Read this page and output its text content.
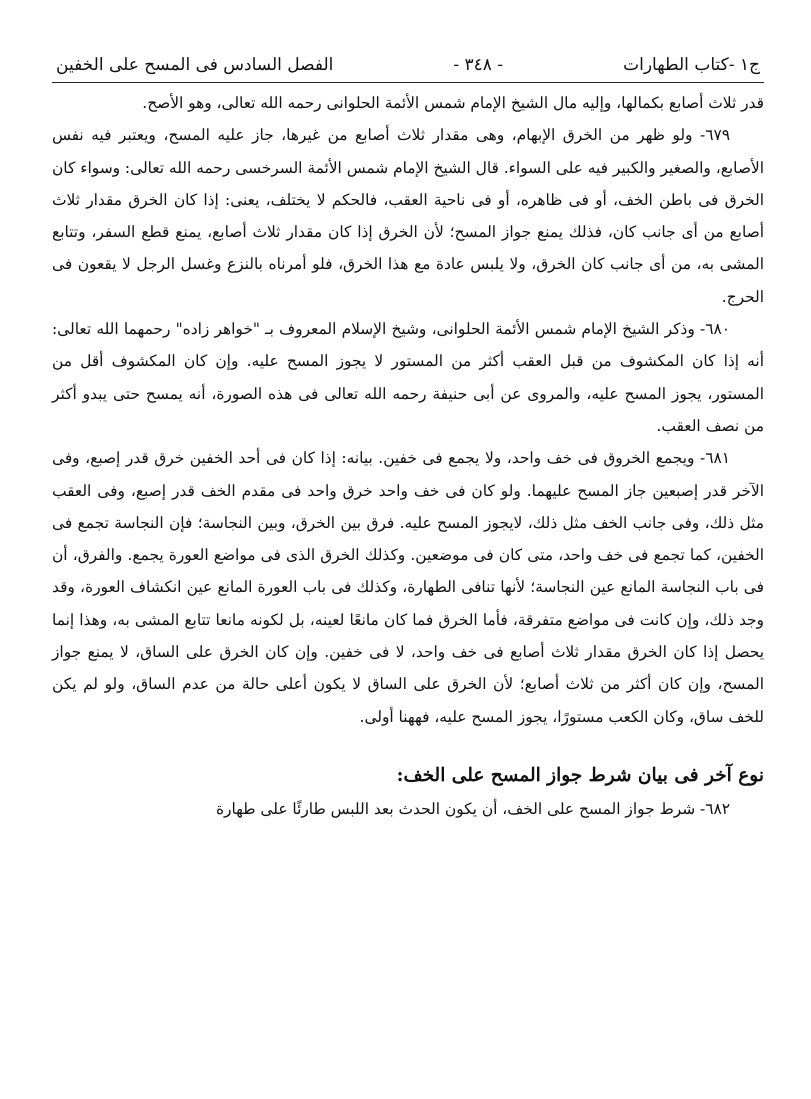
ج١ -كتاب الطهارات
- ٣٤٨ -
الفصل السادس فى المسح على الخفين

قدر ثلاث أصابع بكمالها، وإليه مال الشيخ الإمام شمس الأئمة الحلوانى رحمه الله تعالى، وهو الأصح.

٦٧٩- ولو ظهر من الخرق الإبهام، وهى مقدار ثلاث أصابع من غيرها، جاز عليه المسح، ويعتبر فيه نفس الأصابع، والصغير والكبير فيه على السواء. قال الشيخ الإمام شمس الأئمة السرخسى رحمه الله تعالى: وسواء كان الخرق فى باطن الخف، أو فى ظاهره، أو فى ناحية العقب، فالحكم لا يختلف، يعنى: إذا كان الخرق مقدار ثلاث أصابع من أى جانب كان، فذلك يمنع جواز المسح؛ لأن الخرق إذا كان مقدار ثلاث أصابع، يمنع قطع السفر، وتتابع المشى به، من أى جانب كان الخرق، ولا يلبس عادة مع هذا الخرق، فلو أمرناه بالنزع وغسل الرجل لا يقعون فى الحرج.

٦٨٠- وذكر الشيخ الإمام شمس الأئمة الحلوانى، وشيخ الإسلام المعروف بـ "خواهر زاده" رحمهما الله تعالى: أنه إذا كان المكشوف من قبل العقب أكثر من المستور لا يجوز المسح عليه. وإن كان المكشوف أقل من المستور، يجوز المسح عليه، والمروى عن أبى حنيفة رحمه الله تعالى فى هذه الصورة، أنه يمسح حتى يبدو أكثر من نصف العقب.

٦٨١- ويجمع الخروق فى خف واحد، ولا يجمع فى خفين. بيانه: إذا كان فى أحد الخفين خرق قدر إصبع، وفى الآخر قدر إصبعين جاز المسح عليهما. ولو كان فى خف واحد خرق واحد فى مقدم الخف قدر إصبع، وفى العقب مثل ذلك، وفى جانب الخف مثل ذلك، لايجوز المسح عليه. فرق بين الخرق، وبين النجاسة؛ فإن النجاسة تجمع فى الخفين، كما تجمع فى خف واحد، متى كان فى موضعين. وكذلك الخرق الذى فى مواضع العورة يجمع. والفرق، أن فى باب النجاسة المانع عين النجاسة؛ لأنها تنافى الطهارة، وكذلك فى باب العورة المانع عين انكشاف العورة، وقد وجد ذلك، وإن كانت فى مواضع متفرقة، فأما الخرق فما كان مانعًا لعينه، بل لكونه مانعا تتابع المشى به، وهذا إنما يحصل إذا كان الخرق مقدار ثلاث أصابع فى خف واحد، لا فى خفين. وإن كان الخرق على الساق، لا يمنع جواز المسح، وإن كان أكثر من ثلاث أصابع؛ لأن الخرق على الساق لا يكون أعلى حالة من عدم الساق، ولو لم يكن للخف ساق، وكان الكعب مستورًا، يجوز المسح عليه، فههنا أولى.

نوع آخر فى بيان شرط جواز المسح على الخف:

٦٨٢- شرط جواز المسح على الخف، أن يكون الحدث بعد اللبس طارئًا على طهارة
